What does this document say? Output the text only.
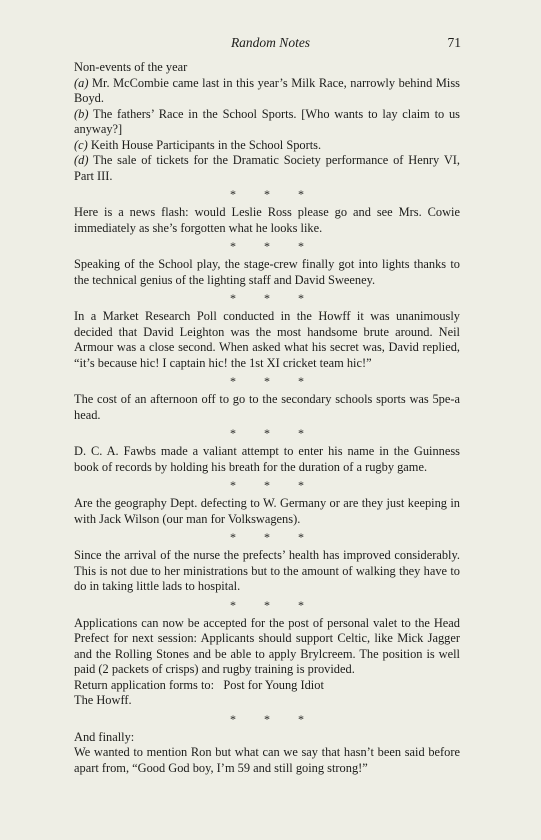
Random Notes	71

Non-events of the year

(a) Mr. McCombie came last in this year’s Milk Race, narrowly behind Miss Boyd.

(b) The fathers’ Race in the School Sports. [Who wants to lay claim to us anyway?]

(c) Keith House Participants in the School Sports.

(d) The sale of tickets for the Dramatic Society performance of Henry VI, Part III.

* * *

Here is a news flash: would Leslie Ross please go and see Mrs. Cowie immediately as she’s forgotten what he looks like.

* * *

Speaking of the School play, the stage-crew finally got into lights thanks to the technical genius of the lighting staff and David Sweeney.

* * *

In a Market Research Poll conducted in the Howff it was unanimously decided that David Leighton was the most handsome brute around. Neil Armour was a close second. When asked what his secret was, David replied, “it’s because hic! I captain hic! the 1st XI cricket team hic!”

* * *

The cost of an afternoon off to go to the secondary schools sports was 5pe-a head.

* * *

D. C. A. Fawbs made a valiant attempt to enter his name in the Guinness book of records by holding his breath for the duration of a rugby game.

* * *

Are the geography Dept. defecting to W. Germany or are they just keeping in with Jack Wilson (our man for Volkswagens).

* * *

Since the arrival of the nurse the prefects’ health has improved considerably. This is not due to her ministrations but to the amount of walking they have to do in taking little lads to hospital.

* * *

Applications can now be accepted for the post of personal valet to the Head Prefect for next session: Applicants should support Celtic, like Mick Jagger and the Rolling Stones and be able to apply Brylcreem. The position is well paid (2 packets of crisps) and rugby training is provided.

Return application forms to: Post for Young Idiot

The Howff.

* * *

And finally:

We wanted to mention Ron but what can we say that hasn’t been said before apart from, “Good God boy, I’m 59 and still going strong!”
